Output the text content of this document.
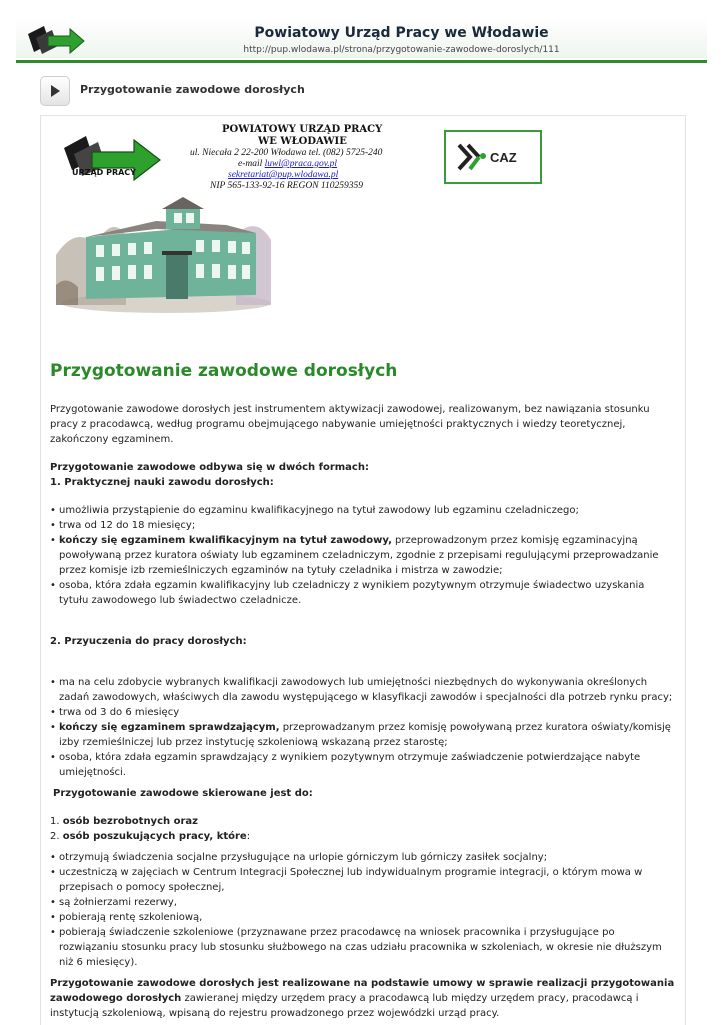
Powiatowy Urząd Pracy we Włodawie
http://pup.wlodawa.pl/strona/przygotowanie-zawodowe-doroslych/111
Przygotowanie zawodowe dorosłych
URZĄD PRACY
POWIATOWY URZĄD PRACY
WE WŁODAWIE
ul. Niecała 2 22-200 Włodawa tel. (082) 5725-240
e-mail luwl@praca.gov.pl
sekretariat@pup.wlodawa.pl
NIP 565-133-92-16 REGON 110259359
CAZ
Przygotowanie zawodowe dorosłych

Przygotowanie zawodowe dorosłych jest instrumentem aktywizacji zawodowej, realizowanym, bez nawiązania stosunku pracy z pracodawcą, według programu obejmującego nabywanie umiejętności praktycznych i wiedzy teoretycznej, zakończony egzaminem.

Przygotowanie zawodowe odbywa się w dwóch formach:

1. Praktycznej nauki zawodu dorosłych:

• umożliwia przystąpienie do egzaminu kwalifikacyjnego na tytuł zawodowy lub egzaminu czeladniczego;
• trwa od 12 do 18 miesięcy;
• kończy się egzaminem kwalifikacyjnym na tytuł zawodowy, przeprowadzonym przez komisję egzaminacyjną powoływaną przez kuratora oświaty lub egzaminem czeladniczym, zgodnie z przepisami regulującymi przeprowadzanie przez komisje izb rzemieślniczych egzaminów na tytuły czeladnika i mistrza w zawodzie;
• osoba, która zdała egzamin kwalifikacyjny lub czeladniczy z wynikiem pozytywnym otrzymuje świadectwo uzyskania tytułu zawodowego lub świadectwo czeladnicze.

2. Przyuczenia do pracy dorosłych:

• ma na celu zdobycie wybranych kwalifikacji zawodowych lub umiejętności niezbędnych do wykonywania określonych zadań zawodowych, właściwych dla zawodu występującego w klasyfikacji zawodów i specjalności dla potrzeb rynku pracy;
• trwa od 3 do 6 miesięcy
• kończy się egzaminem sprawdzającym, przeprowadzanym przez komisję powoływaną przez kuratora oświaty/komisję izby rzemieślniczej lub przez instytucję szkoleniową wskazaną przez starostę;
• osoba, która zdała egzamin sprawdzający z wynikiem pozytywnym otrzymuje zaświadczenie potwierdzające nabyte umiejętności.

Przygotowanie zawodowe skierowane jest do:

1. osób bezrobotnych oraz

2. osób poszukujących pracy, które:

• otrzymują świadczenia socjalne przysługujące na urlopie górniczym lub górniczy zasiłek socjalny;
• uczestniczą w zajęciach w Centrum Integracji Społecznej lub indywidualnym programie integracji, o którym mowa w przepisach o pomocy społecznej,
• są żołnierzami rezerwy,
• pobierają rentę szkoleniową,
• pobierają świadczenie szkoleniowe (przyznawane przez pracodawcę na wniosek pracownika i przysługujące po rozwiązaniu stosunku pracy lub stosunku służbowego na czas udziału pracownika w szkoleniach, w okresie nie dłuższym niż 6 miesięcy).

Przygotowanie zawodowe dorosłych jest realizowane na podstawie umowy w sprawie realizacji przygotowania zawodowego dorosłych zawieranej między urzędem pracy a pracodawcą lub między urzędem pracy, pracodawcą i instytucją szkoleniową, wpisaną do rejestru prowadzonego przez wojewódzki urząd pracy.
